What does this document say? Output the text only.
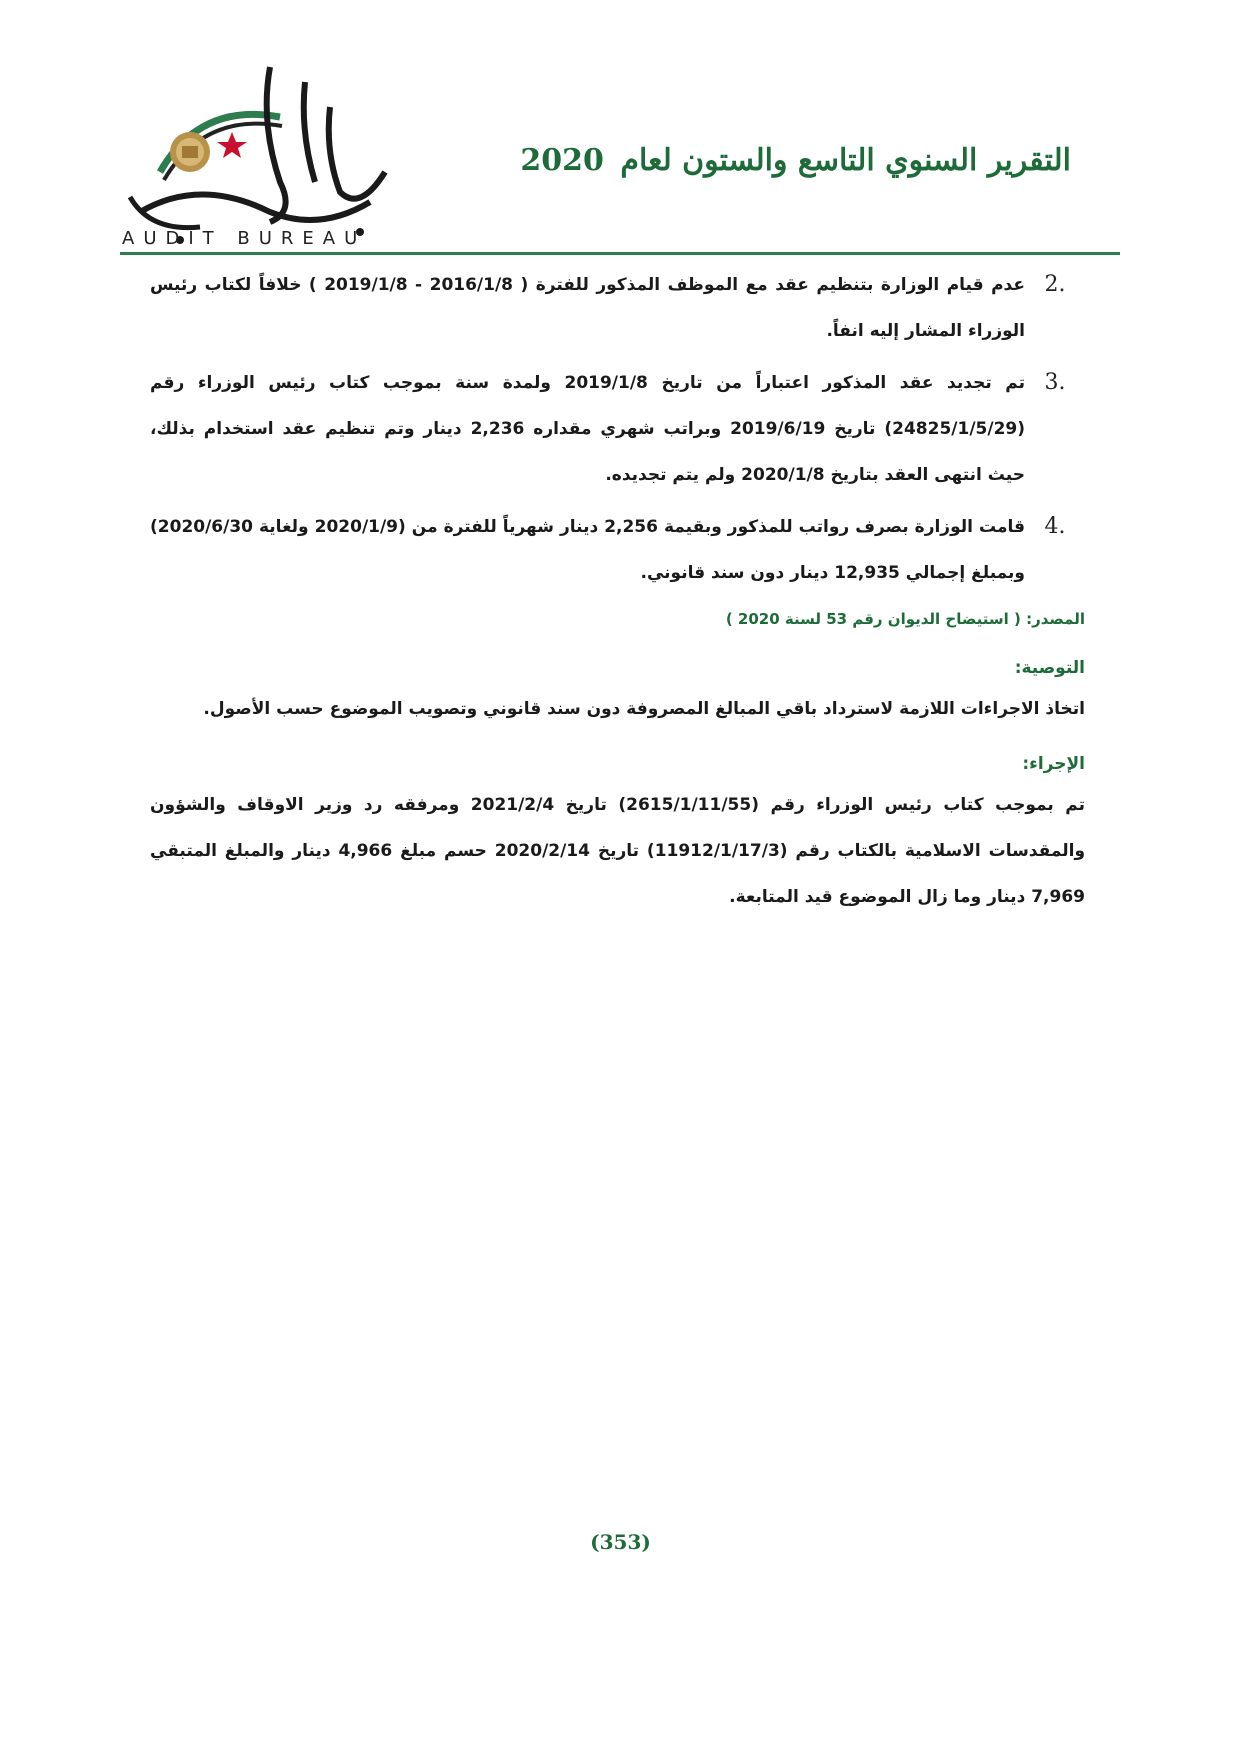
AUDIT BUREAU
التقرير السنوي التاسع والستون لعام 2020
2.
عدم قيام الوزارة بتنظيم عقد مع الموظف المذكور للفترة ( 2016/1/8 - 2019/1/8 ) خلافاً لكتاب رئيس الوزراء المشار إليه انفاً.
3.
تم تجديد عقد المذكور اعتباراً من تاريخ 2019/1/8 ولمدة سنة بموجب كتاب رئيس الوزراء رقم (24825/1/5/29) تاريخ 2019/6/19 وبراتب شهري مقداره 2,236 دينار وتم تنظيم عقد استخدام بذلك، حيث انتهى العقد بتاريخ 2020/1/8 ولم يتم تجديده.
4.
قامت الوزارة بصرف رواتب للمذكور وبقيمة 2,256 دينار شهرياً للفترة من (2020/1/9 ولغاية 2020/6/30) وبمبلغ إجمالي 12,935 دينار دون سند قانوني.
المصدر: ( استيضاح الديوان رقم 53 لسنة 2020 )
التوصية:
اتخاذ الاجراءات اللازمة لاسترداد باقي المبالغ المصروفة دون سند قانوني وتصويب الموضوع حسب الأصول.
الإجراء:
تم بموجب كتاب رئيس الوزراء رقم (2615/1/11/55) تاريخ 2021/2/4 ومرفقه رد وزير الاوقاف والشؤون والمقدسات الاسلامية بالكتاب رقم (11912/1/17/3) تاريخ 2020/2/14 حسم مبلغ 4,966 دينار والمبلغ المتبقي 7,969 دينار وما زال الموضوع قيد المتابعة.
(353)
